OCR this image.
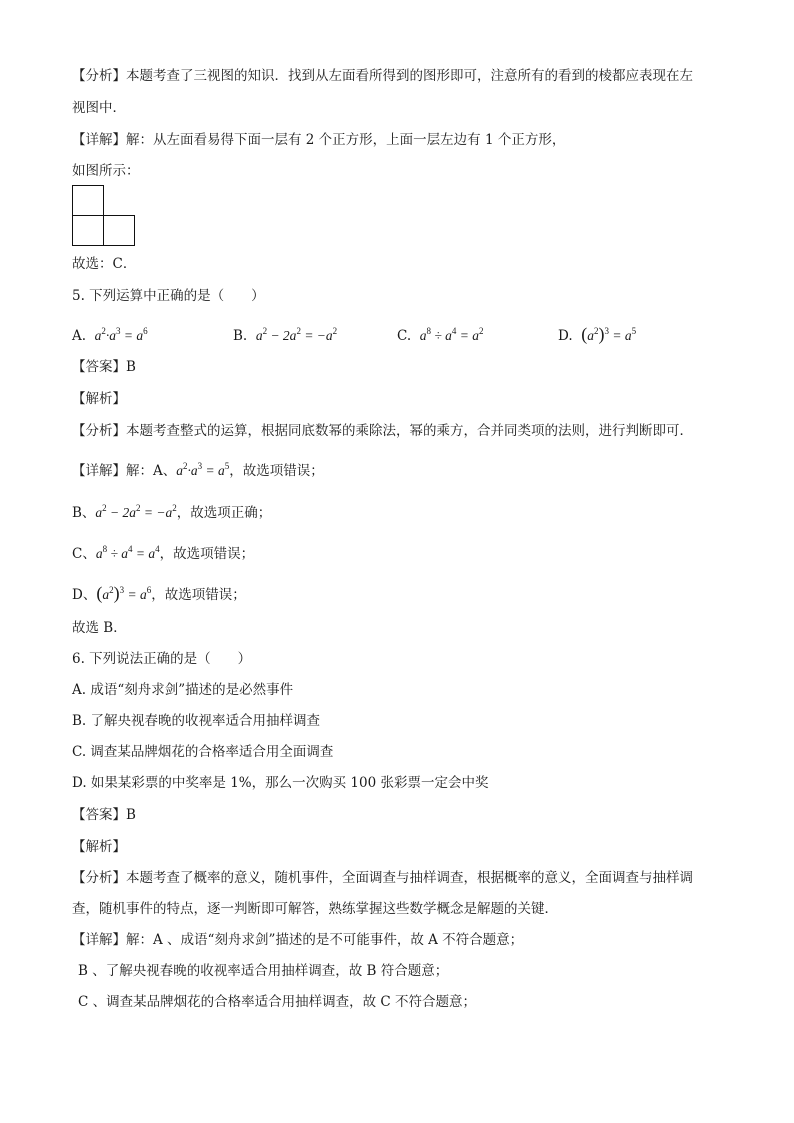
【分析】本题考查了三视图的知识．找到从左面看所得到的图形即可，注意所有的看到的棱都应表现在左
视图中．
【详解】解：从左面看易得下面一层有 2 个正方形，上面一层左边有 1 个正方形，
如图所示：
故选：C．
5. 下列运算中正确的是（　　）
A. $a^2\cdot a^3 = a^6$	B. $a^2 - 2a^2 = -a^2$	C. $a^8 \div a^4 = a^2$	D. $(a^2)^3 = a^5$
【答案】B
【解析】
【分析】本题考查整式的运算，根据同底数幂的乘除法，幂的乘方，合并同类项的法则，进行判断即可．
【详解】解：A、$a^2\cdot a^3 = a^5$，故选项错误；
B、$a^2 - 2a^2 = -a^2$，故选项正确；
C、$a^8 \div a^4 = a^4$，故选项错误；
D、$(a^2)^3 = a^6$，故选项错误；
故选 B．
6. 下列说法正确的是（　　）
A. 成语“刻舟求剑”描述的是必然事件
B. 了解央视春晚的收视率适合用抽样调查
C. 调查某品牌烟花的合格率适合用全面调查
D. 如果某彩票的中奖率是 1%，那么一次购买 100 张彩票一定会中奖
【答案】B
【解析】
【分析】本题考查了概率的意义，随机事件，全面调查与抽样调查，根据概率的意义，全面调查与抽样调
查，随机事件的特点，逐一判断即可解答，熟练掌握这些数学概念是解题的关键．
【详解】解：A 、成语“刻舟求剑”描述的是不可能事件，故 A 不符合题意；
B 、了解央视春晚的收视率适合用抽样调查，故 B 符合题意；
C 、调查某品牌烟花的合格率适合用抽样调查，故 C 不符合题意；
